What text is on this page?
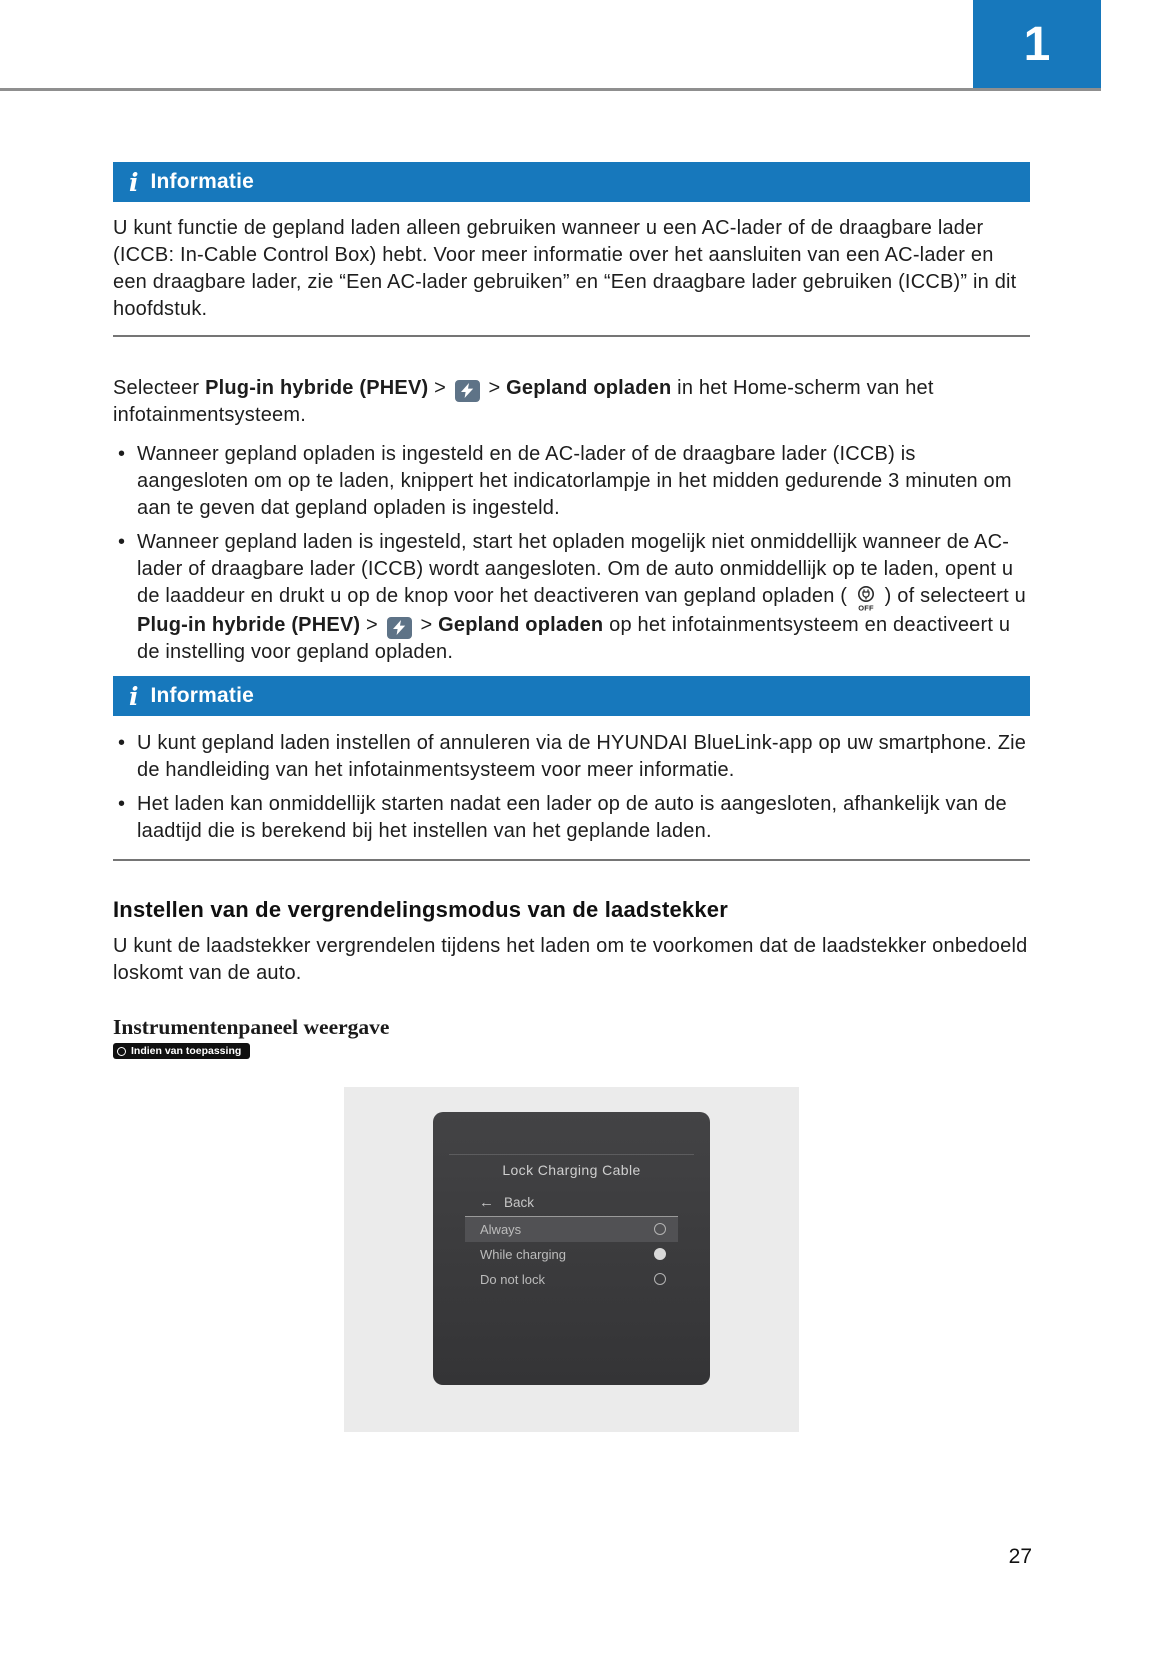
1
i Informatie

U kunt functie de gepland laden alleen gebruiken wanneer u een AC-lader of de draagbare lader (ICCB: In-Cable Control Box) hebt. Voor meer informatie over het aansluiten van een AC-lader en een draagbare lader, zie “Een AC-lader gebruiken” en “Een draagbare lader gebruiken (ICCB)” in dit hoofdstuk.

Selecteer Plug-in hybride (PHEV) >
> Gepland opladen in het Home-scherm van het infotainmentsysteem.

• Wanneer gepland opladen is ingesteld en de AC-lader of de draagbare lader (ICCB) is aangesloten om op te laden, knippert het indicatorlampje in het midden gedurende 3 minuten om aan te geven dat gepland opladen is ingesteld.
• Wanneer gepland laden is ingesteld, start het opladen mogelijk niet onmiddellijk wanneer de AC-lader of draagbare lader (ICCB) wordt aangesloten. Om de auto onmiddellijk op te laden, opent u de laaddeur en drukt u op de knop voor het deactiveren van gepland opladen (
OFF
) of selecteert u Plug-in hybride (PHEV) >
> Gepland opladen op het infotainmentsysteem en deactiveert u de instelling voor gepland opladen.
i Informatie
• U kunt gepland laden instellen of annuleren via de HYUNDAI BlueLink-app op uw smartphone. Zie de handleiding van het infotainmentsysteem voor meer informatie.
• Het laden kan onmiddellijk starten nadat een lader op de auto is aangesloten, afhankelijk van de laadtijd die is berekend bij het instellen van het geplande laden.
Instellen van de vergrendelingsmodus van de laadstekker

U kunt de laadstekker vergrendelen tijdens het laden om te voorkomen dat de laadstekker onbedoeld loskomt van de auto.

Instrumentenpaneel weergave
Indien van toepassing
Lock Charging Cable
← Back
Always
While charging
Do not lock
27
